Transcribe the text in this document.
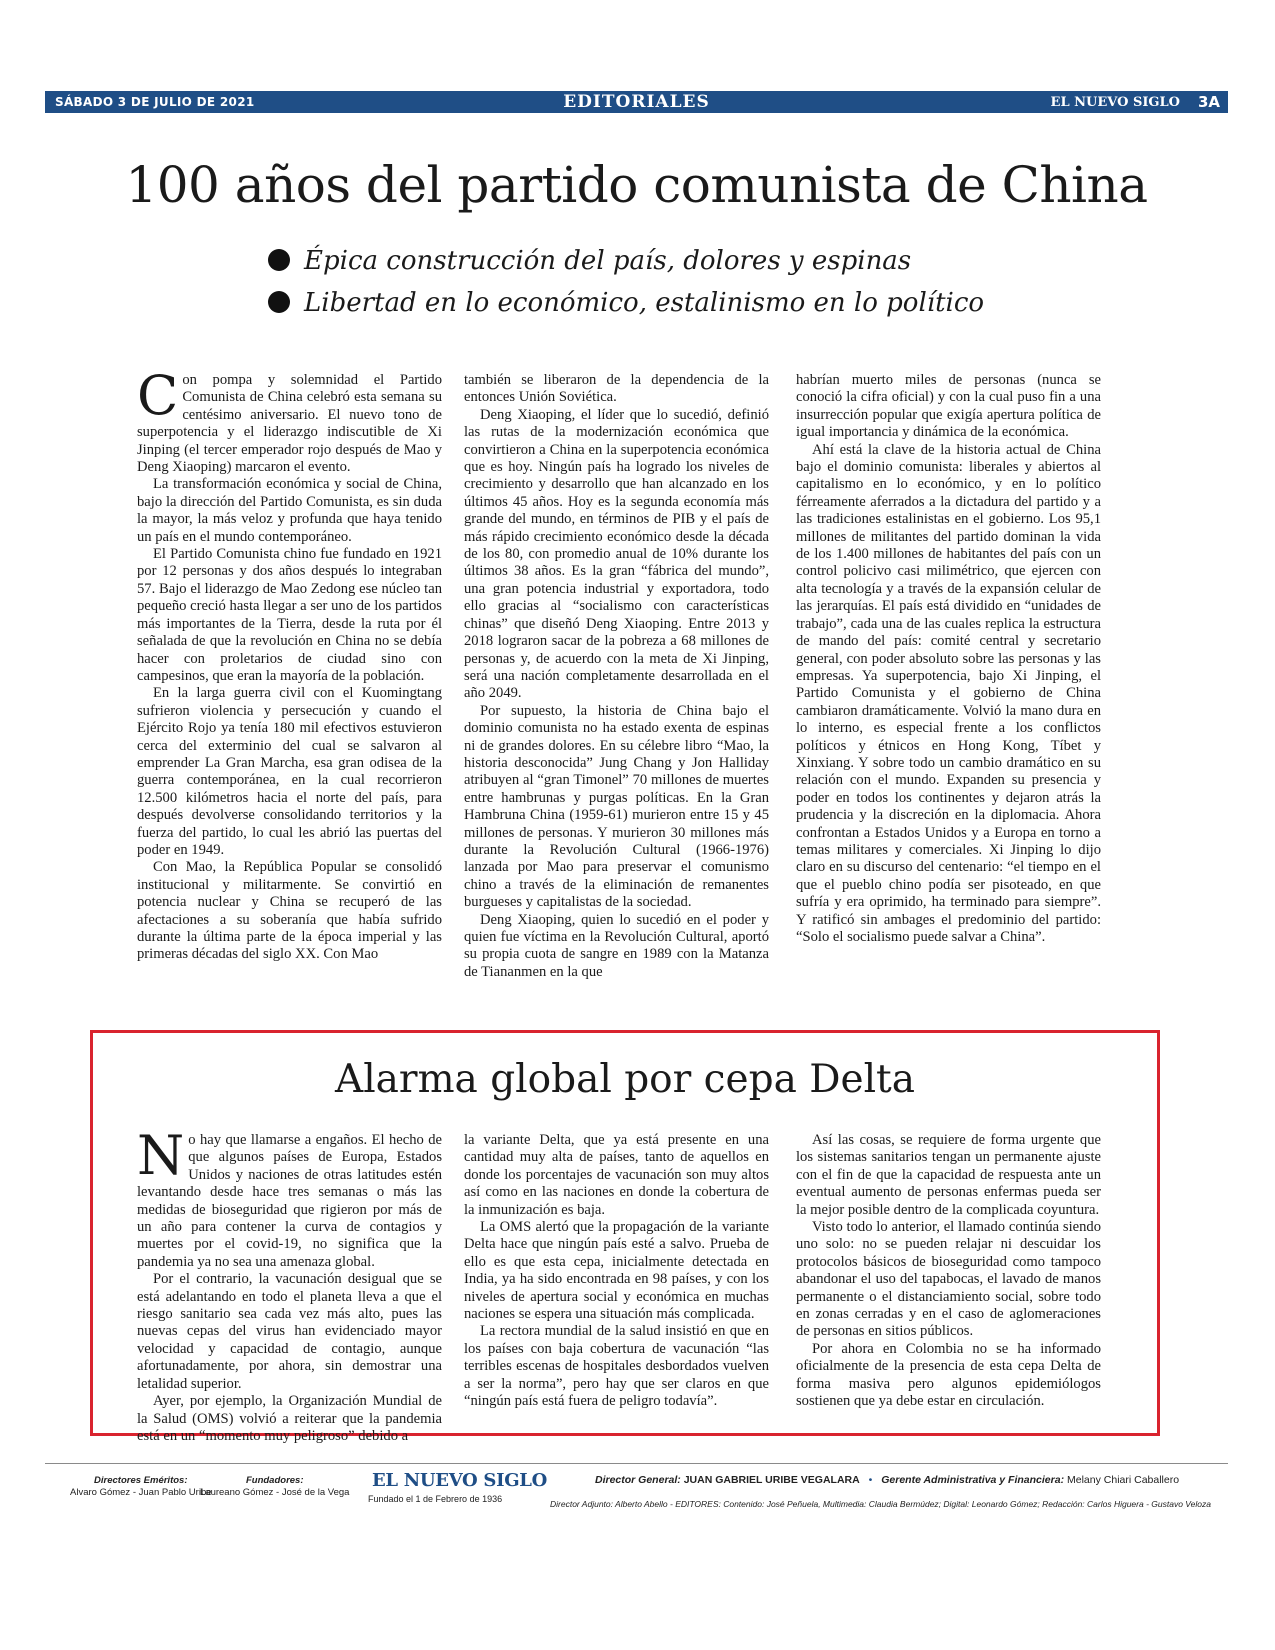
SÁBADO 3 DE JULIO DE 2021	EDITORIALES	EL NUEVO SIGLO 3A
100 años del partido comunista de China
Épica construcción del país, dolores y espinas
Libertad en lo económico, estalinismo en lo político

Con pompa y solemnidad el Partido Comunista de China celebró esta semana su centésimo aniversario. El nuevo tono de superpotencia y el liderazgo indiscutible de Xi Jinping (el tercer emperador rojo después de Mao y Deng Xiaoping) marcaron el evento.

La transformación económica y social de China, bajo la dirección del Partido Comunista, es sin duda la mayor, la más veloz y profunda que haya tenido un país en el mundo contemporáneo.

El Partido Comunista chino fue fundado en 1921 por 12 personas y dos años después lo integraban 57. Bajo el liderazgo de Mao Zedong ese núcleo tan pequeño creció hasta llegar a ser uno de los partidos más importantes de la Tierra, desde la ruta por él señalada de que la revolución en China no se debía hacer con proletarios de ciudad sino con campesinos, que eran la mayoría de la población.

En la larga guerra civil con el Kuomingtang sufrieron violencia y persecución y cuando el Ejército Rojo ya tenía 180 mil efectivos estuvieron cerca del exterminio del cual se salvaron al emprender La Gran Marcha, esa gran odisea de la guerra contemporánea, en la cual recorrieron 12.500 kilómetros hacia el norte del país, para después devolverse consolidando territorios y la fuerza del partido, lo cual les abrió las puertas del poder en 1949.

Con Mao, la República Popular se consolidó institucional y militarmente. Se convirtió en potencia nuclear y China se recuperó de las afectaciones a su soberanía que había sufrido durante la última parte de la época imperial y las primeras décadas del siglo XX. Con Mao

también se liberaron de la dependencia de la entonces Unión Soviética.

Deng Xiaoping, el líder que lo sucedió, definió las rutas de la modernización económica que convirtieron a China en la superpotencia económica que es hoy. Ningún país ha logrado los niveles de crecimiento y desarrollo que han alcanzado en los últimos 45 años. Hoy es la segunda economía más grande del mundo, en términos de PIB y el país de más rápido crecimiento económico desde la década de los 80, con promedio anual de 10% durante los últimos 38 años. Es la gran “fábrica del mundo”, una gran potencia industrial y exportadora, todo ello gracias al “socialismo con características chinas” que diseñó Deng Xiaoping. Entre 2013 y 2018 lograron sacar de la pobreza a 68 millones de personas y, de acuerdo con la meta de Xi Jinping, será una nación completamente desarrollada en el año 2049.

Por supuesto, la historia de China bajo el dominio comunista no ha estado exenta de espinas ni de grandes dolores. En su célebre libro “Mao, la historia desconocida” Jung Chang y Jon Halliday atribuyen al “gran Timonel” 70 millones de muertes entre hambrunas y purgas políticas. En la Gran Hambruna China (1959-61) murieron entre 15 y 45 millones de personas. Y murieron 30 millones más durante la Revolución Cultural (1966-1976) lanzada por Mao para preservar el comunismo chino a través de la eliminación de remanentes burgueses y capitalistas de la sociedad.

Deng Xiaoping, quien lo sucedió en el poder y quien fue víctima en la Revolución Cultural, aportó su propia cuota de sangre en 1989 con la Matanza de Tiananmen en la que

habrían muerto miles de personas (nunca se conoció la cifra oficial) y con la cual puso fin a una insurrección popular que exigía apertura política de igual importancia y dinámica de la económica.

Ahí está la clave de la historia actual de China bajo el dominio comunista: liberales y abiertos al capitalismo en lo económico, y en lo político férreamente aferrados a la dictadura del partido y a las tradiciones estalinistas en el gobierno. Los 95,1 millones de militantes del partido dominan la vida de los 1.400 millones de habitantes del país con un control policivo casi milimétrico, que ejercen con alta tecnología y a través de la expansión celular de las jerarquías. El país está dividido en “unidades de trabajo”, cada una de las cuales replica la estructura de mando del país: comité central y secretario general, con poder absoluto sobre las personas y las empresas. Ya superpotencia, bajo Xi Jinping, el Partido Comunista y el gobierno de China cambiaron dramáticamente. Volvió la mano dura en lo interno, es especial frente a los conflictos políticos y étnicos en Hong Kong, Tíbet y Xinxiang. Y sobre todo un cambio dramático en su relación con el mundo. Expanden su presencia y poder en todos los continentes y dejaron atrás la prudencia y la discreción en la diplomacia. Ahora confrontan a Estados Unidos y a Europa en torno a temas militares y comerciales. Xi Jinping lo dijo claro en su discurso del centenario: “el tiempo en el que el pueblo chino podía ser pisoteado, en que sufría y era oprimido, ha terminado para siempre”. Y ratificó sin ambages el predominio del partido: “Solo el socialismo puede salvar a China”.

Alarma global por cepa Delta

No hay que llamarse a engaños. El hecho de que algunos países de Europa, Estados Unidos y naciones de otras latitudes estén levantando desde hace tres semanas o más las medidas de bioseguridad que rigieron por más de un año para contener la curva de contagios y muertes por el covid-19, no significa que la pandemia ya no sea una amenaza global.

Por el contrario, la vacunación desigual que se está adelantando en todo el planeta lleva a que el riesgo sanitario sea cada vez más alto, pues las nuevas cepas del virus han evidenciado mayor velocidad y capacidad de contagio, aunque afortunadamente, por ahora, sin demostrar una letalidad superior.

Ayer, por ejemplo, la Organización Mundial de la Salud (OMS) volvió a reiterar que la pandemia está en un “momento muy peligroso” debido a

la variante Delta, que ya está presente en una cantidad muy alta de países, tanto de aquellos en donde los porcentajes de vacunación son muy altos así como en las naciones en donde la cobertura de la inmunización es baja.

La OMS alertó que la propagación de la variante Delta hace que ningún país esté a salvo. Prueba de ello es que esta cepa, inicialmente detectada en India, ya ha sido encontrada en 98 países, y con los niveles de apertura social y económica en muchas naciones se espera una situación más complicada.

La rectora mundial de la salud insistió en que en los países con baja cobertura de vacunación “las terribles escenas de hospitales desbordados vuelven a ser la norma”, pero hay que ser claros en que “ningún país está fuera de peligro todavía”.

Así las cosas, se requiere de forma urgente que los sistemas sanitarios tengan un permanente ajuste con el fin de que la capacidad de respuesta ante un eventual aumento de personas enfermas pueda ser la mejor posible dentro de la complicada coyuntura.

Visto todo lo anterior, el llamado continúa siendo uno solo: no se pueden relajar ni descuidar los protocolos básicos de bioseguridad como tampoco abandonar el uso del tapabocas, el lavado de manos permanente o el distanciamiento social, sobre todo en zonas cerradas y en el caso de aglomeraciones de personas en sitios públicos.

Por ahora en Colombia no se ha informado oficialmente de la presencia de esta cepa Delta de forma masiva pero algunos epidemiólogos sostienen que ya debe estar en circulación.

Directores Eméritos:
Alvaro Gómez - Juan Pablo Uribe
Fundadores:
Laureano Gómez - José de la Vega
EL NUEVO SIGLO
Fundado el 1 de Febrero de 1936
Director General: JUAN GABRIEL URIBE VEGALARA • Gerente Administrativa y Financiera: Melany Chiari Caballero
Director Adjunto: Alberto Abello - EDITORES: Contenido: José Peñuela, Multimedia: Claudia Bermúdez; Digital: Leonardo Gómez; Redacción: Carlos Higuera - Gustavo Veloza
